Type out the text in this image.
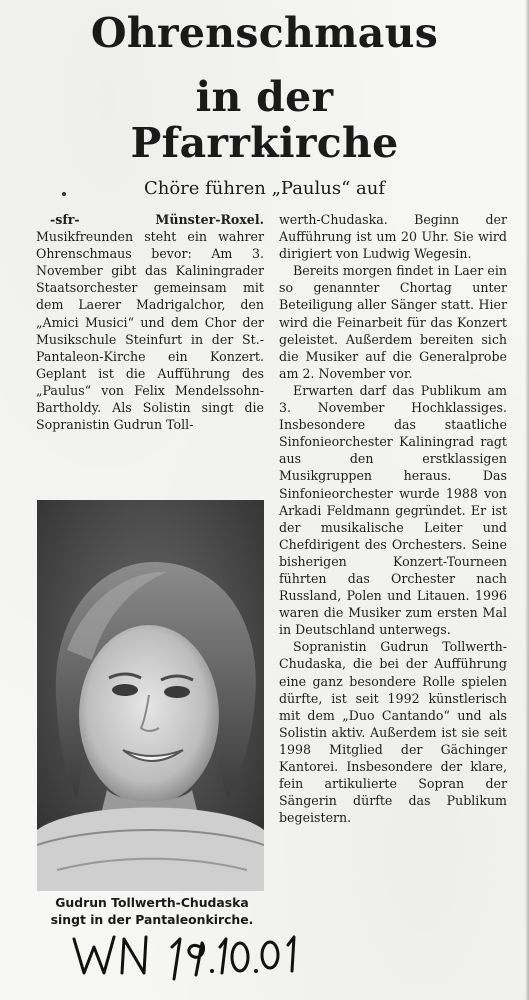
Ohrenschmaus
in der
Pfarrkirche
Chöre führen „Paulus“ auf

-sfr- Münster-Roxel. Musikfreunden steht ein wahrer Ohrenschmaus bevor: Am 3. November gibt das Kaliningrader Staatsorchester gemeinsam mit dem Laerer Madrigalchor, den „Amici Musici“ und dem Chor der Musikschule Steinfurt in der St.-Pantaleon-Kirche ein Konzert. Geplant ist die Aufführung des „Paulus“ von Felix Mendelssohn-Bartholdy. Als Solistin singt die Sopranistin Gudrun Toll-

Gudrun Tollwerth-Chudaska
singt in der Pantaleonkirche.

werth-Chudaska. Beginn der Aufführung ist um 20 Uhr. Sie wird dirigiert von Ludwig Wegesin.

Bereits morgen findet in Laer ein so genannter Chortag unter Beteiligung aller Sänger statt. Hier wird die Feinarbeit für das Konzert geleistet. Außerdem bereiten sich die Musiker auf die Generalprobe am 2. November vor.

Erwarten darf das Publikum am 3. November Hochklassiges. Insbesondere das staatliche Sinfonieorchester Kaliningrad ragt aus den erstklassigen Musikgruppen heraus. Das Sinfonieorchester wurde 1988 von Arkadi Feldmann gegründet. Er ist der musikalische Leiter und Chefdirigent des Orchesters. Seine bisherigen Konzert-Tourneen führten das Orchester nach Russland, Polen und Litauen. 1996 waren die Musiker zum ersten Mal in Deutschland unterwegs.

Sopranistin Gudrun Tollwerth-Chudaska, die bei der Aufführung eine ganz besondere Rolle spielen dürfte, ist seit 1992 künstlerisch mit dem „Duo Cantando“ und als Solistin aktiv. Außerdem ist sie seit 1998 Mitglied der Gächinger Kantorei. Insbesondere der klare, fein artikulierte Sopran der Sängerin dürfte das Publikum begeistern.
